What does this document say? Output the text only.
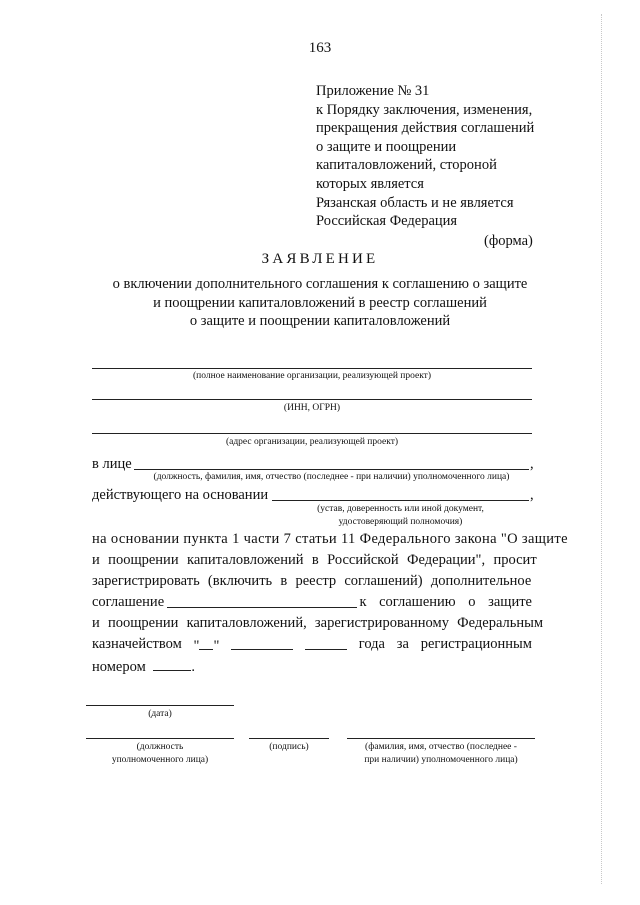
163
Приложение № 31
к Порядку заключения, изменения,
прекращения действия соглашений
о защите и поощрении
капиталовложений, стороной
которых является
Рязанская область и не является
Российская Федерация
(форма)
ЗАЯВЛЕНИЕ
о включении дополнительного соглашения к соглашению о защите
и поощрении капиталовложений в реестр соглашений
о защите и поощрении капиталовложений
(полное наименование организации, реализующей проект)
(ИНН, ОГРН)
(адрес организации, реализующей проект)
в лице	,
(должность, фамилия, имя, отчество (последнее - при наличии) уполномоченного лица)
действующего на основании	,
(устав, доверенность или иной документ,
удостоверяющий полномочия)
на основании пункта 1 части 7 статьи 11 Федерального закона "О защите
и поощрении капиталовложений в Российской Федерации", просит
зарегистрировать (включить в реестр соглашений) дополнительное
соглашение	к соглашению о защите
и поощрении капиталовложений, зарегистрированному Федеральным
казначейством " "	года за регистрационным
номером	.
(дата)
(должность
уполномоченного лица)
(подпись)	(фамилия, имя, отчество (последнее -
при наличии) уполномоченного лица)
